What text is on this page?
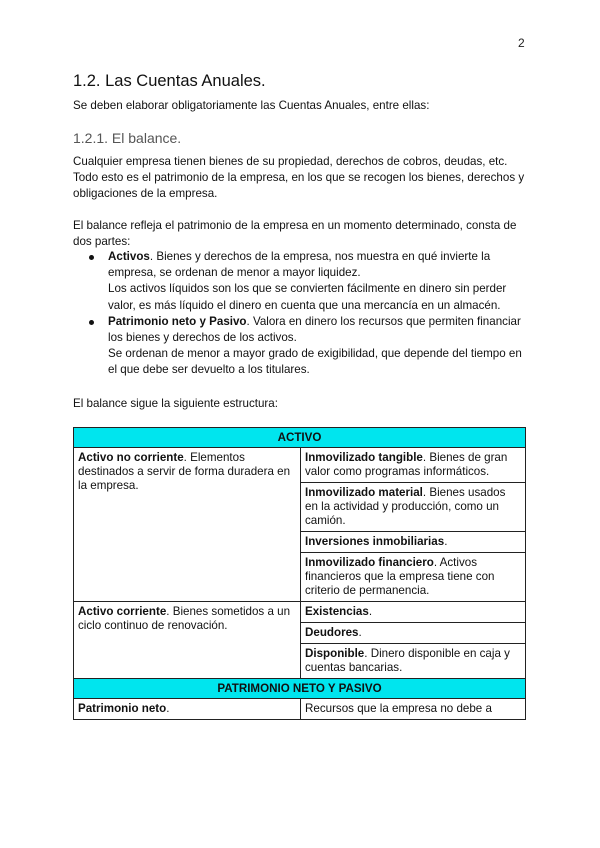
2
1.2. Las Cuentas Anuales.

Se deben elaborar obligatoriamente las Cuentas Anuales, entre ellas:

1.2.1. El balance.

Cualquier empresa tienen bienes de su propiedad, derechos de cobros, deudas, etc. Todo esto es el patrimonio de la empresa, en los que se recogen los bienes, derechos y obligaciones de la empresa.

El balance refleja el patrimonio de la empresa en un momento determinado, consta de dos partes:

Activos. Bienes y derechos de la empresa, nos muestra en qué invierte la empresa, se ordenan de menor a mayor liquidez.
Los activos líquidos son los que se convierten fácilmente en dinero sin perder valor, es más líquido el dinero en cuenta que una mercancía en un almacén.
Patrimonio neto y Pasivo. Valora en dinero los recursos que permiten financiar los bienes y derechos de los activos.
Se ordenan de menor a mayor grado de exigibilidad, que depende del tiempo en el que debe ser devuelto a los titulares.

El balance sigue la siguiente estructura:

ACTIVO	
Activo no corriente. Elementos destinados a servir de forma duradera en la empresa.	Inmovilizado tangible. Bienes de gran valor como programas informáticos.
	Inmovilizado material. Bienes usados en la actividad y producción, como un camión.
	Inversiones inmobiliarias.
	Inmovilizado financiero. Activos financieros que la empresa tiene con criterio de permanencia.
Activo corriente. Bienes sometidos a un ciclo continuo de renovación.	Existencias.
	Deudores.
	Disponible. Dinero disponible en caja y cuentas bancarias.
PATRIMONIO NETO Y PASIVO	
Patrimonio neto.	Recursos que la empresa no debe a
